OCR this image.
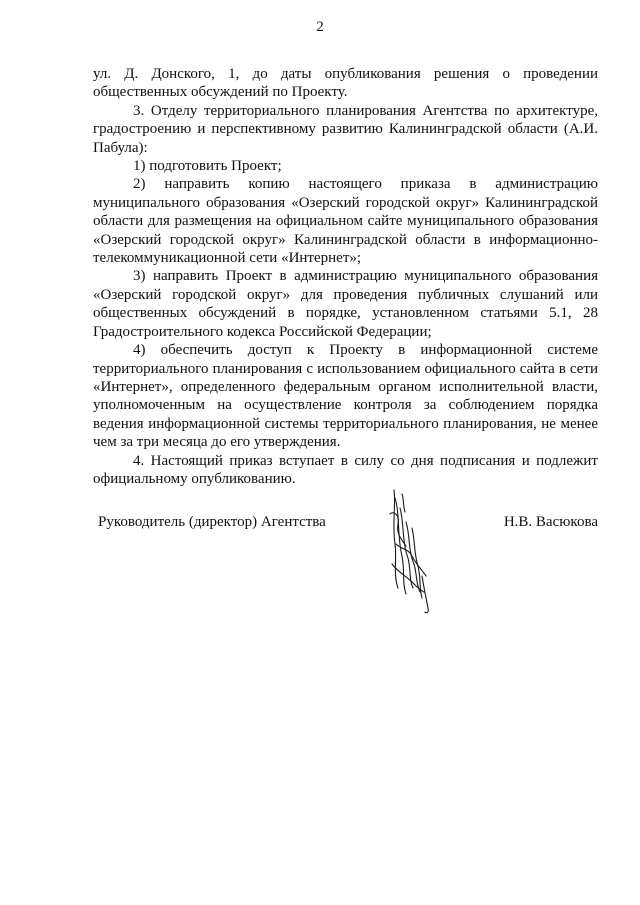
2

ул. Д. Донского, 1, до даты опубликования решения о проведении общественных обсуждений по Проекту.

3. Отделу территориального планирования Агентства по архитектуре, градостроению и перспективному развитию Калининградской области (А.И. Пабула):

1) подготовить Проект;

2) направить копию настоящего приказа в администрацию муниципального образования «Озерский городской округ» Калининградской области для размещения на официальном сайте муниципального образования «Озерский городской округ» Калининградской области в информационно-телекоммуникационной сети «Интернет»;

3) направить Проект в администрацию муниципального образования «Озерский городской округ» для проведения публичных слушаний или общественных обсуждений в порядке, установленном статьями 5.1, 28 Градостроительного кодекса Российской Федерации;

4) обеспечить доступ к Проекту в информационной системе территориального планирования с использованием официального сайта в сети «Интернет», определенного федеральным органом исполнительной власти, уполномоченным на осуществление контроля за соблюдением порядка ведения информационной системы территориального планирования, не менее чем за три месяца до его утверждения.

4. Настоящий приказ вступает в силу со дня подписания и подлежит официальному опубликованию.

Руководитель (директор) Агентства	Н.В. Васюкова
